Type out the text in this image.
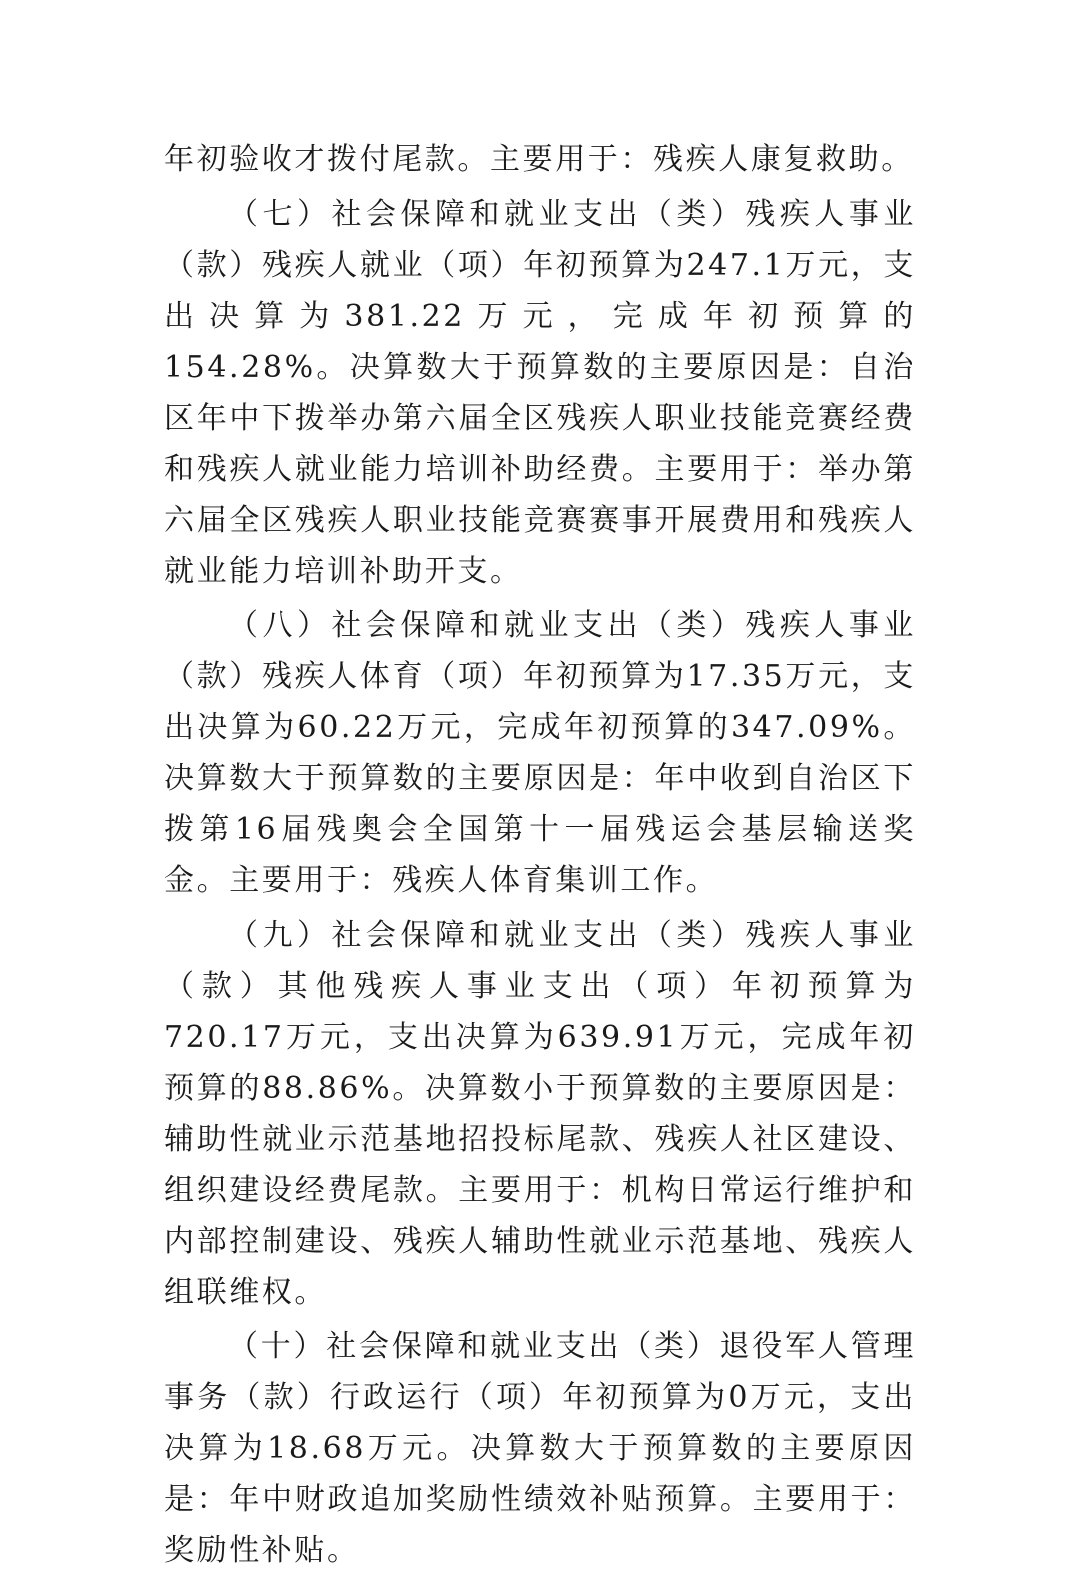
年初验收才拨付尾款。主要用于：残疾人康复救助。

（七）社会保障和就业支出（类）残疾人事业（款）残疾人就业（项）年初预算为247.1万元，支出决算为381.22万元，完成年初预算的154.28%。决算数大于预算数的主要原因是：自治区年中下拨举办第六届全区残疾人职业技能竞赛经费和残疾人就业能力培训补助经费。主要用于：举办第六届全区残疾人职业技能竞赛赛事开展费用和残疾人就业能力培训补助开支。

（八）社会保障和就业支出（类）残疾人事业（款）残疾人体育（项）年初预算为17.35万元，支出决算为60.22万元，完成年初预算的347.09%。决算数大于预算数的主要原因是：年中收到自治区下拨第16届残奥会全国第十一届残运会基层输送奖金。主要用于：残疾人体育集训工作。

（九）社会保障和就业支出（类）残疾人事业（款）其他残疾人事业支出（项）年初预算为720.17万元，支出决算为639.91万元，完成年初预算的88.86%。决算数小于预算数的主要原因是：辅助性就业示范基地招投标尾款、残疾人社区建设、组织建设经费尾款。主要用于：机构日常运行维护和内部控制建设、残疾人辅助性就业示范基地、残疾人组联维权。

（十）社会保障和就业支出（类）退役军人管理事务（款）行政运行（项）年初预算为0万元，支出决算为18.68万元。决算数大于预算数的主要原因是：年中财政追加奖励性绩效补贴预算。主要用于：奖励性补贴。
